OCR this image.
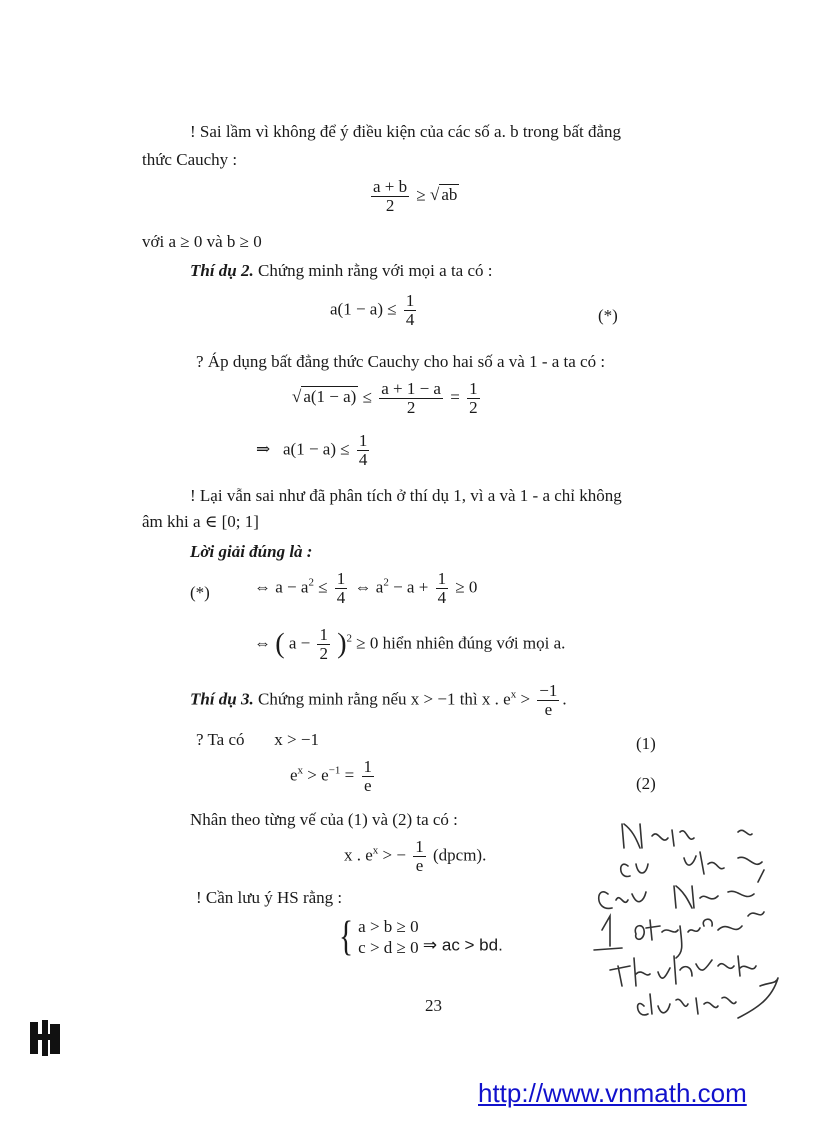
! Sai lầm vì không để ý điều kiện của các số a. b trong bất đẳng
thức Cauchy :
$\frac{a + b}{2}$ ≥ √ ab
với a ≥ 0 và b ≥ 0
Thí dụ 2. Chứng minh rằng với mọi a ta có :
$a(1 - a) \le \frac{1}{4}$	(*)
? Áp dụng bất đẳng thức Cauchy cho hai số a và 1 - a ta có :
√ $a(1 - a) \le \frac{a + 1 - a}{2} = \frac{1}{2}$
⇒ $a(1 - a) \le \frac{1}{4}$
! Lại vẫn sai như đã phân tích ở thí dụ 1, vì a và 1 - a chỉ không
âm khi a ∈ [0; 1]
Lời giải đúng là :
(*)	⇔ $a - a^2 \le \frac{1}{4}$ ⇔ $a^2 - a + \frac{1}{4} \ge 0$
⇔ ( $a - \frac{1}{2} )^2 \ge 0$ hiển nhiên đúng với mọi a.
Thí dụ 3. Chứng minh rằng nếu x > −1 thì x . $e^x > \frac{-1}{e}$ .
? Ta có x > −1	(1)
$e^x > e^{-1} = \frac{1}{e}$	(2)
Nhân theo từng vế của (1) và (2) ta có :
x . $e^x$ > − $\frac{1}{e}$ (dpcm).
! Cần lưu ý HS rằng :
{ a > b ≥ 0
c > d ≥ 0 ⇒ ac > bd.
23
http://www.vnmath.com
